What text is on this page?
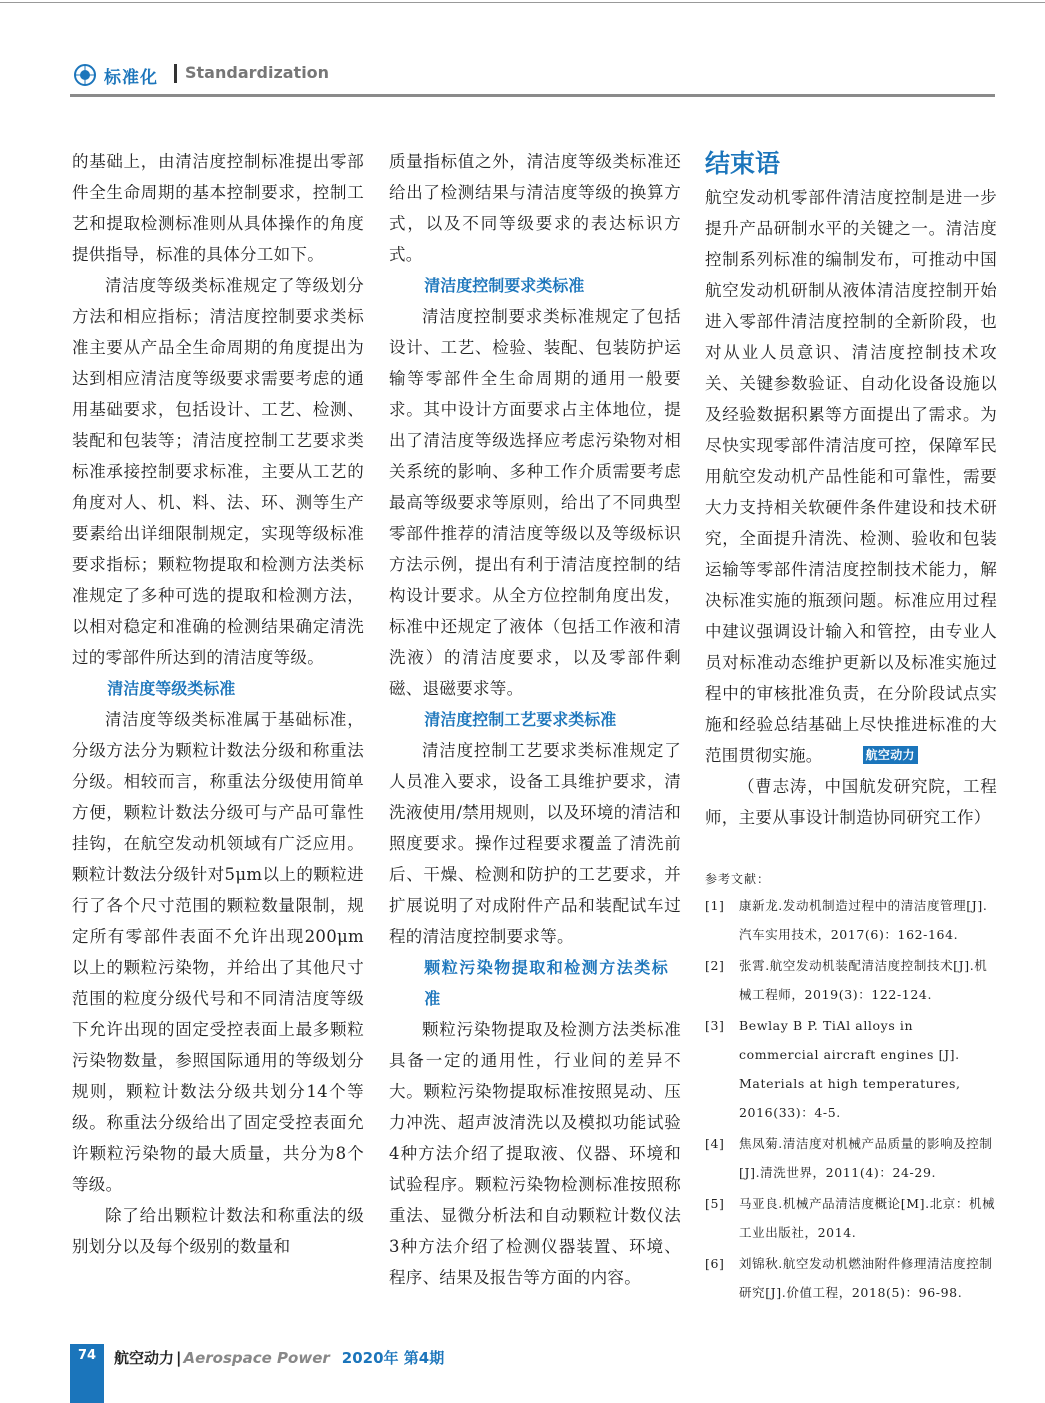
标准化 Standardization

的基础上，由清洁度控制标准提出零部件全生命周期的基本控制要求，控制工艺和提取检测标准则从具体操作的角度提供指导，标准的具体分工如下。

清洁度等级类标准规定了等级划分方法和相应指标；清洁度控制要求类标准主要从产品全生命周期的角度提出为达到相应清洁度等级要求需要考虑的通用基础要求，包括设计、工艺、检测、装配和包装等；清洁度控制工艺要求类标准承接控制要求标准，主要从工艺的角度对人、机、料、法、环、测等生产要素给出详细限制规定，实现等级标准要求指标；颗粒物提取和检测方法类标准规定了多种可选的提取和检测方法，以相对稳定和准确的检测结果确定清洗过的零部件所达到的清洁度等级。

清洁度等级类标准

清洁度等级类标准属于基础标准，分级方法分为颗粒计数法分级和称重法分级。相较而言，称重法分级使用简单方便，颗粒计数法分级可与产品可靠性挂钩，在航空发动机领域有广泛应用。颗粒计数法分级针对5μm以上的颗粒进行了各个尺寸范围的颗粒数量限制，规定所有零部件表面不允许出现200μm以上的颗粒污染物，并给出了其他尺寸范围的粒度分级代号和不同清洁度等级下允许出现的固定受控表面上最多颗粒污染物数量，参照国际通用的等级划分规则，颗粒计数法分级共划分14个等级。称重法分级给出了固定受控表面允许颗粒污染物的最大质量，共分为8个等级。

除了给出颗粒计数法和称重法的级别划分以及每个级别的数量和

质量指标值之外，清洁度等级类标准还给出了检测结果与清洁度等级的换算方式，以及不同等级要求的表达标识方式。

清洁度控制要求类标准

清洁度控制要求类标准规定了包括设计、工艺、检验、装配、包装防护运输等零部件全生命周期的通用一般要求。其中设计方面要求占主体地位，提出了清洁度等级选择应考虑污染物对相关系统的影响、多种工作介质需要考虑最高等级要求等原则，给出了不同典型零部件推荐的清洁度等级以及等级标识方法示例，提出有利于清洁度控制的结构设计要求。从全方位控制角度出发，标准中还规定了液体（包括工作液和清洗液）的清洁度要求，以及零部件剩磁、退磁要求等。

清洁度控制工艺要求类标准

清洁度控制工艺要求类标准规定了人员准入要求，设备工具维护要求，清洗液使用/禁用规则，以及环境的清洁和照度要求。操作过程要求覆盖了清洗前后、干燥、检测和防护的工艺要求，并扩展说明了对成附件产品和装配试车过程的清洁度控制要求等。

颗粒污染物提取和检测方法类标准

颗粒污染物提取及检测方法类标准具备一定的通用性，行业间的差异不大。颗粒污染物提取标准按照晃动、压力冲洗、超声波清洗以及模拟功能试验4种方法介绍了提取液、仪器、环境和试验程序。颗粒污染物检测标准按照称重法、显微分析法和自动颗粒计数仪法3种方法介绍了检测仪器装置、环境、程序、结果及报告等方面的内容。

结束语

航空发动机零部件清洁度控制是进一步提升产品研制水平的关键之一。清洁度控制系列标准的编制发布，可推动中国航空发动机研制从液体清洁度控制开始进入零部件清洁度控制的全新阶段，也对从业人员意识、清洁度控制技术攻关、关键参数验证、自动化设备设施以及经验数据积累等方面提出了需求。为尽快实现零部件清洁度可控，保障军民用航空发动机产品性能和可靠性，需要大力支持相关软硬件条件建设和技术研究，全面提升清洗、检测、验收和包装运输等零部件清洁度控制技术能力，解决标准实施的瓶颈问题。标准应用过程中建议强调设计输入和管控，由专业人员对标准动态维护更新以及标准实施过程中的审核批准负责，在分阶段试点实施和经验总结基础上尽快推进标准的大范围贯彻实施。	航空动力

（曹志涛，中国航发研究院，工程师，主要从事设计制造协同研究工作）

参考文献：
[1] 康新龙.发动机制造过程中的清洁度管理[J].汽车实用技术，2017(6)：162-164.
[2] 张霄.航空发动机装配清洁度控制技术[J].机械工程师，2019(3)：122-124.
[3] Bewlay B P. TiAl alloys in commercial aircraft engines [J]. Materials at high temperatures, 2016(33)：4-5.
[4] 焦凤菊.清洁度对机械产品质量的影响及控制[J].清洗世界，2011(4)：24-29.
[5] 马亚良.机械产品清洁度概论[M].北京：机械工业出版社，2014.
[6] 刘锦秋.航空发动机燃油附件修理清洁度控制研究[J].价值工程，2018(5)：96-98.
74	航空动力 | Aerospace Power 2020年 第4期
